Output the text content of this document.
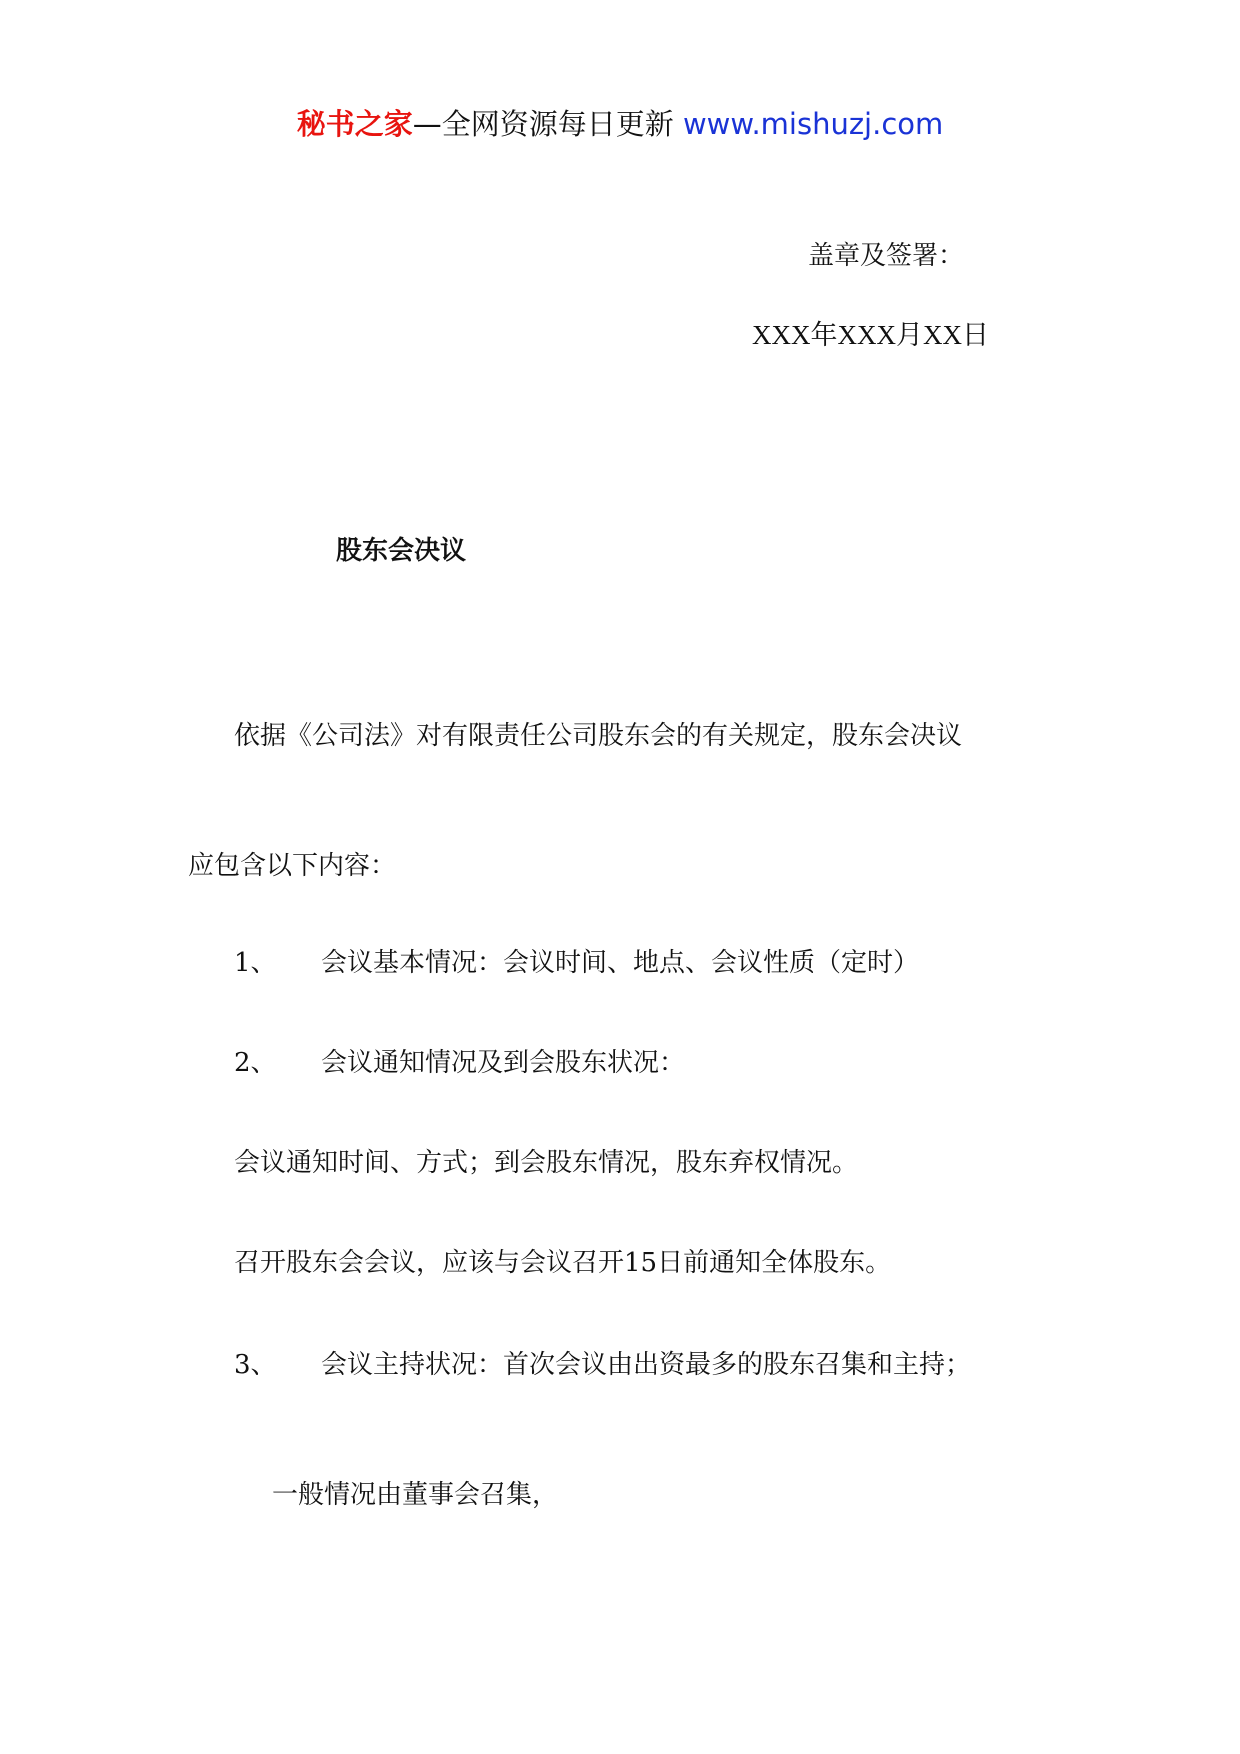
秘书之家—全网资源每日更新 www.mishuzj.com
盖章及签署：
XXX年XXX月XX日
股东会决议
依据《公司法》对有限责任公司股东会的有关规定，股东会决议
应包含以下内容：
1、 会议基本情况：会议时间、地点、会议性质（定时）
2、 会议通知情况及到会股东状况：
会议通知时间、方式；到会股东情况，股东弃权情况。
召开股东会会议，应该与会议召开15日前通知全体股东。
3、 会议主持状况：首次会议由出资最多的股东召集和主持；
一般情况由董事会召集，
